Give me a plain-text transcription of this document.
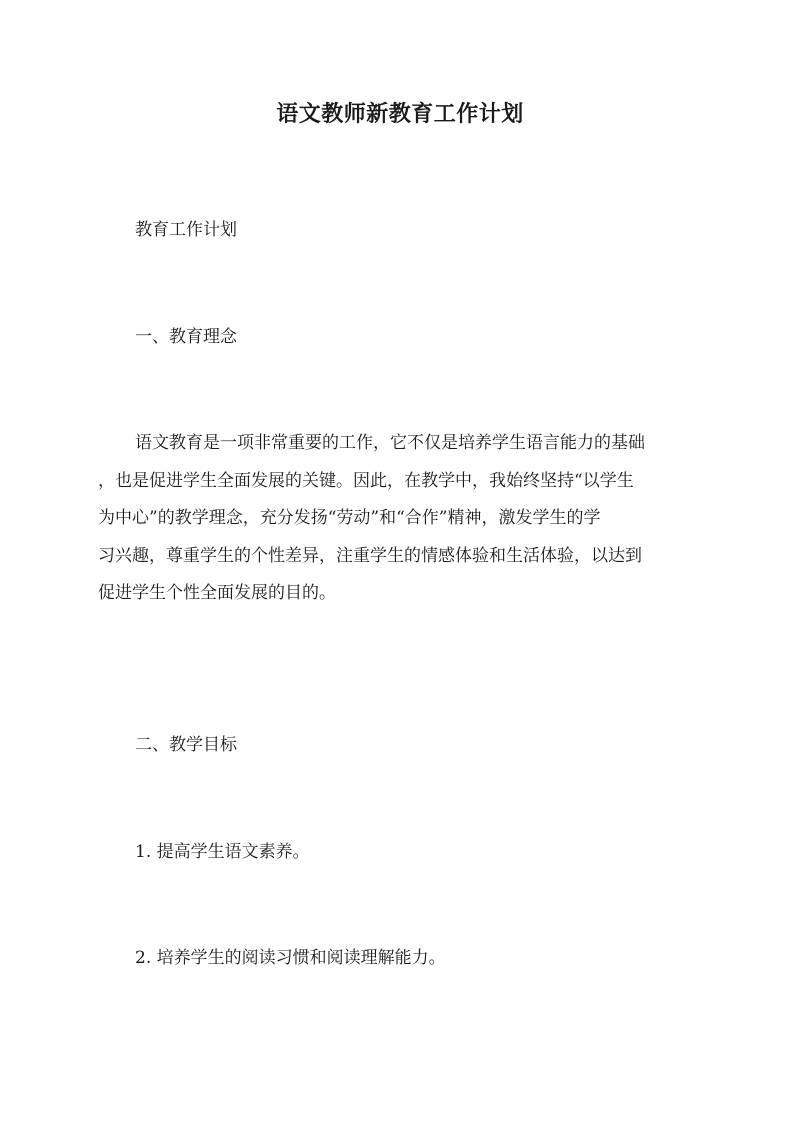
语文教师新教育工作计划
教育工作计划
一、教育理念
语文教育是一项非常重要的工作，它不仅是培养学生语言能力的基础
，也是促进学生全面发展的关键。因此，在教学中，我始终坚持“以学生
为中心”的教学理念，充分发扬“劳动”和“合作”精神，激发学生的学
习兴趣，尊重学生的个性差异，注重学生的情感体验和生活体验，以达到
促进学生个性全面发展的目的。
二、教学目标
1. 提高学生语文素养。
2. 培养学生的阅读习惯和阅读理解能力。
